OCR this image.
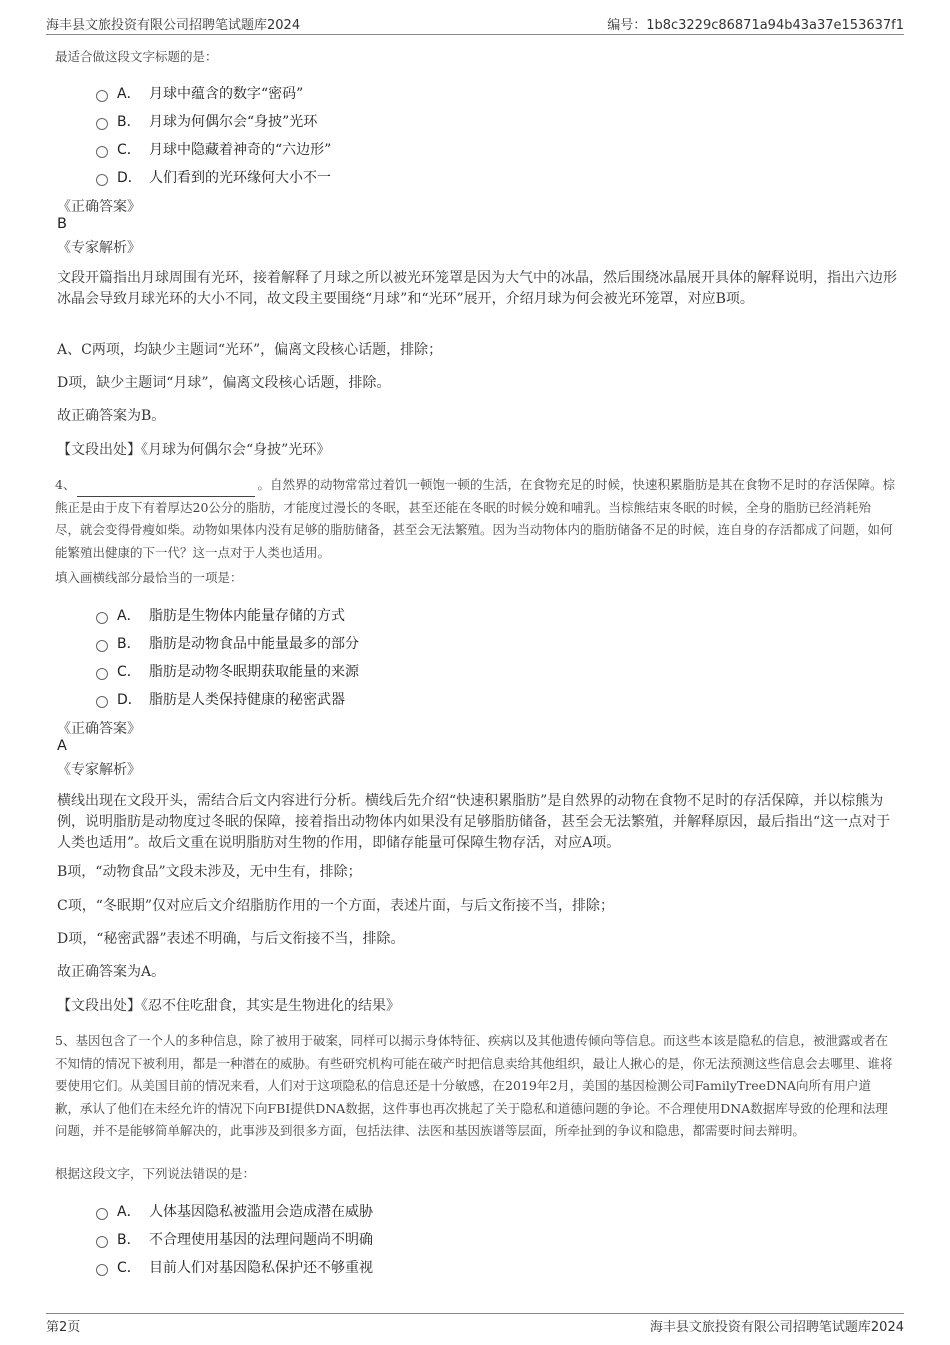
海丰县文旅投资有限公司招聘笔试题库2024	编号：1b8c3229c86871a94b43a37e153637f1
最适合做这段文字标题的是：
A． 月球中蕴含的数字“密码”
B． 月球为何偶尔会“身披”光环
C． 月球中隐藏着神奇的“六边形”
D． 人们看到的光环缘何大小不一
《正确答案》
B
《专家解析》
文段开篇指出月球周围有光环，接着解释了月球之所以被光环笼罩是因为大气中的冰晶，然后围绕冰晶展开具体的解释说明，指出六边形冰晶会导致月球光环的大小不同，故文段主要围绕“月球”和“光环”展开，介绍月球为何会被光环笼罩，对应B项。
A、C两项，均缺少主题词“光环”，偏离文段核心话题，排除；
D项，缺少主题词“月球”，偏离文段核心话题，排除。
故正确答案为B。
【文段出处】《月球为何偶尔会“身披”光环》
4、	。自然界的动物常常过着饥一顿饱一顿的生活，在食物充足的时候，快速积累脂肪是其在食物不足时的存活保障。棕熊正是由于皮下有着厚达20公分的脂肪，才能度过漫长的冬眠，甚至还能在冬眠的时候分娩和哺乳。当棕熊结束冬眠的时候，全身的脂肪已经消耗殆尽，就会变得骨瘦如柴。动物如果体内没有足够的脂肪储备，甚至会无法繁殖。因为当动物体内的脂肪储备不足的时候，连自身的存活都成了问题，如何能繁殖出健康的下一代？这一点对于人类也适用。
填入画横线部分最恰当的一项是：
A． 脂肪是生物体内能量存储的方式
B． 脂肪是动物食品中能量最多的部分
C． 脂肪是动物冬眠期获取能量的来源
D． 脂肪是人类保持健康的秘密武器
《正确答案》
A
《专家解析》
横线出现在文段开头，需结合后文内容进行分析。横线后先介绍“快速积累脂肪”是自然界的动物在食物不足时的存活保障，并以棕熊为例，说明脂肪是动物度过冬眠的保障，接着指出动物体内如果没有足够脂肪储备，甚至会无法繁殖，并解释原因，最后指出“这一点对于人类也适用”。故后文重在说明脂肪对生物的作用，即储存能量可保障生物存活，对应A项。
B项，“动物食品”文段未涉及，无中生有，排除；
C项，“冬眠期”仅对应后文介绍脂肪作用的一个方面，表述片面，与后文衔接不当，排除；
D项，“秘密武器”表述不明确，与后文衔接不当，排除。
故正确答案为A。
【文段出处】《忍不住吃甜食，其实是生物进化的结果》
5、基因包含了一个人的多种信息，除了被用于破案，同样可以揭示身体特征、疾病以及其他遗传倾向等信息。而这些本该是隐私的信息，被泄露或者在不知情的情况下被利用，都是一种潜在的威胁。有些研究机构可能在破产时把信息卖给其他组织，最让人揪心的是，你无法预测这些信息会去哪里、谁将要使用它们。从美国目前的情况来看，人们对于这项隐私的信息还是十分敏感，在2019年2月，美国的基因检测公司FamilyTreeDNA向所有用户道歉，承认了他们在未经允许的情况下向FBI提供DNA数据，这件事也再次挑起了关于隐私和道德问题的争论。不合理使用DNA数据库导致的伦理和法理问题，并不是能够简单解决的，此事涉及到很多方面，包括法律、法医和基因族谱等层面，所牵扯到的争议和隐患，都需要时间去辩明。
根据这段文字，下列说法错误的是：
A． 人体基因隐私被滥用会造成潜在威胁
B． 不合理使用基因的法理问题尚不明确
C． 目前人们对基因隐私保护还不够重视
第2页	海丰县文旅投资有限公司招聘笔试题库2024
